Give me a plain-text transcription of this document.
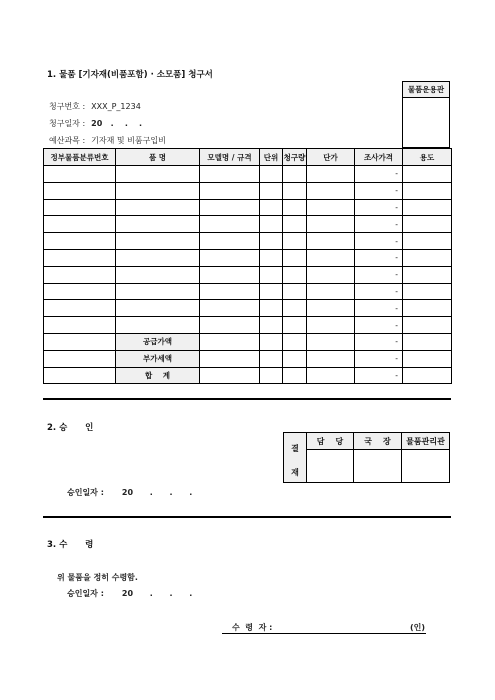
1. 물품 [기자재(비품포함) · 소모품] 청구서
청구번호 : XXX_P_1234
청구일자 : 20   .    .    .
예산과목 : 기자재 및 비품구입비
물품운용관
정부물품분류번호	품 명	모델명 / 규격	단위	청구량	단가	조사가격	용도
						-	
						-	
						-	
						-	
						-	
						-	
						-	
						-	
						-	
						-	
	공급가액					-	
	부가세액					-	
	합    계					-	
2. 승      인
결
재	담    당	국    장	물품관리관

승인일자 : 20      .      .      .
3. 수      령
위 물품을 정히 수령함.
승인일자 : 20      .      .      .
수  령  자 :	(인)
